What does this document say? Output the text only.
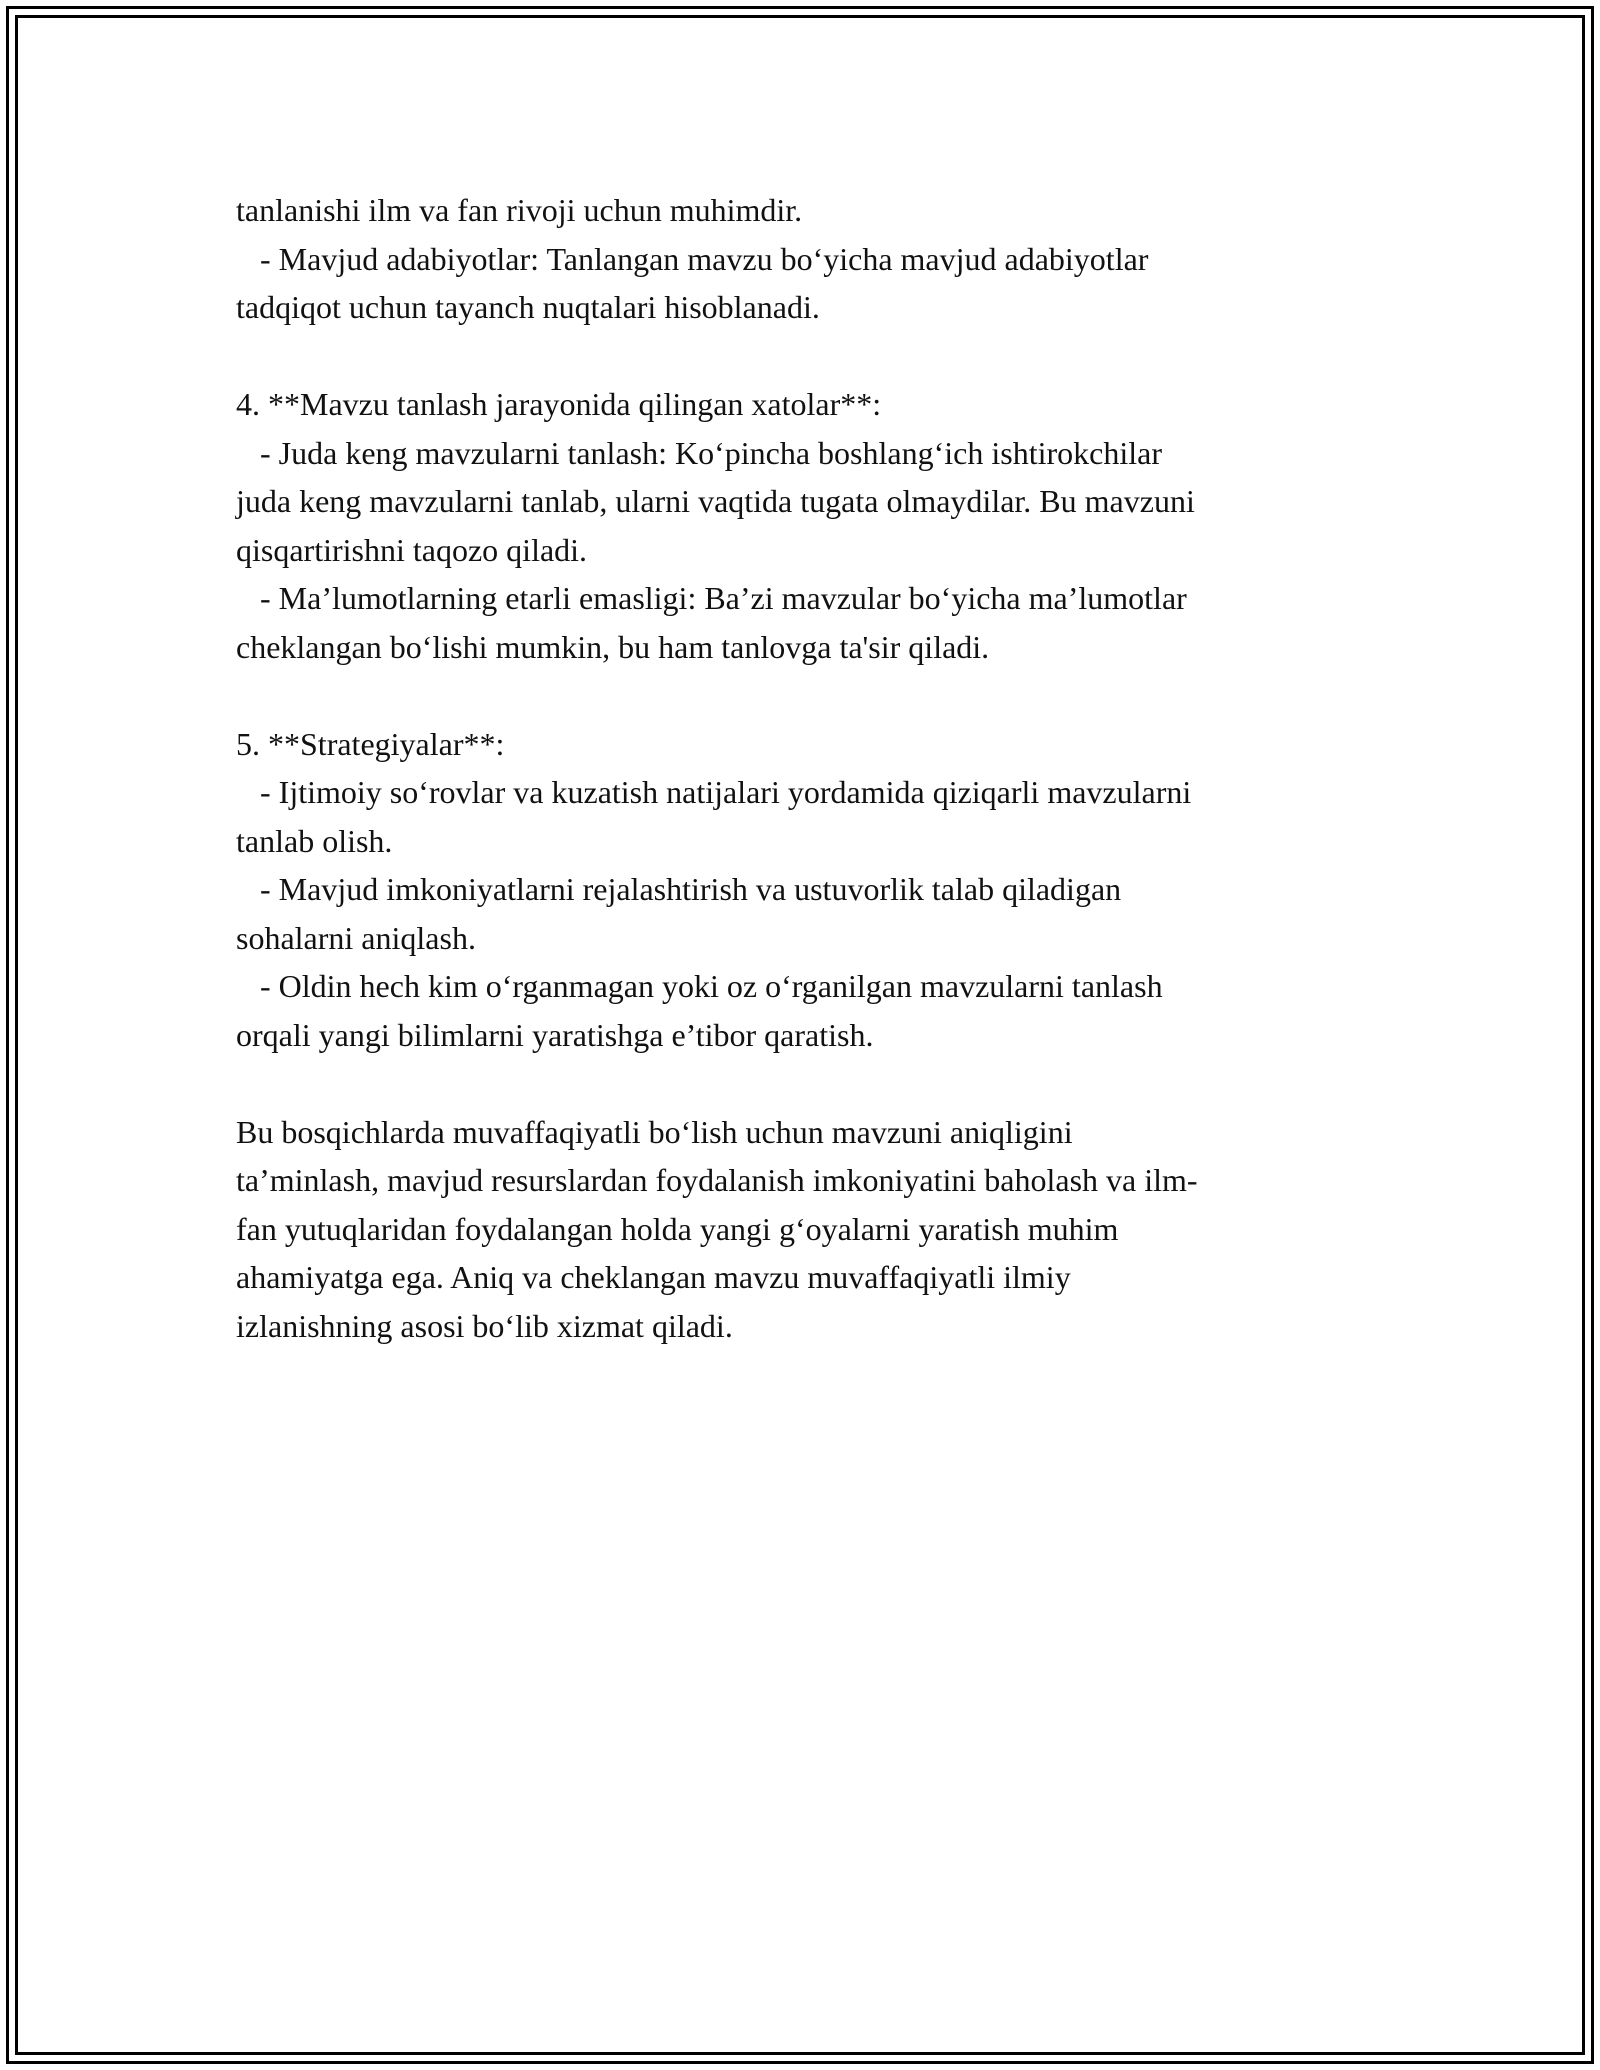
tanlanishi ilm va fan rivoji uchun muhimdir.
- Mavjud adabiyotlar: Tanlangan mavzu bo‘yicha mavjud adabiyotlar
tadqiqot uchun tayanch nuqtalari hisoblanadi.
4. **Mavzu tanlash jarayonida qilingan xatolar**:
- Juda keng mavzularni tanlash: Ko‘pincha boshlang‘ich ishtirokchilar
juda keng mavzularni tanlab, ularni vaqtida tugata olmaydilar. Bu mavzuni
qisqartirishni taqozo qiladi.
- Ma’lumotlarning etarli emasligi: Ba’zi mavzular bo‘yicha ma’lumotlar
cheklangan bo‘lishi mumkin, bu ham tanlovga ta'sir qiladi.
5. **Strategiyalar**:
- Ijtimoiy so‘rovlar va kuzatish natijalari yordamida qiziqarli mavzularni
tanlab olish.
- Mavjud imkoniyatlarni rejalashtirish va ustuvorlik talab qiladigan
sohalarni aniqlash.
- Oldin hech kim o‘rganmagan yoki oz o‘rganilgan mavzularni tanlash
orqali yangi bilimlarni yaratishga e’tibor qaratish.
Bu bosqichlarda muvaffaqiyatli bo‘lish uchun mavzuni aniqligini
ta’minlash, mavjud resurslardan foydalanish imkoniyatini baholash va ilm-
fan yutuqlaridan foydalangan holda yangi g‘oyalarni yaratish muhim
ahamiyatga ega. Aniq va cheklangan mavzu muvaffaqiyatli ilmiy
izlanishning asosi bo‘lib xizmat qiladi.
